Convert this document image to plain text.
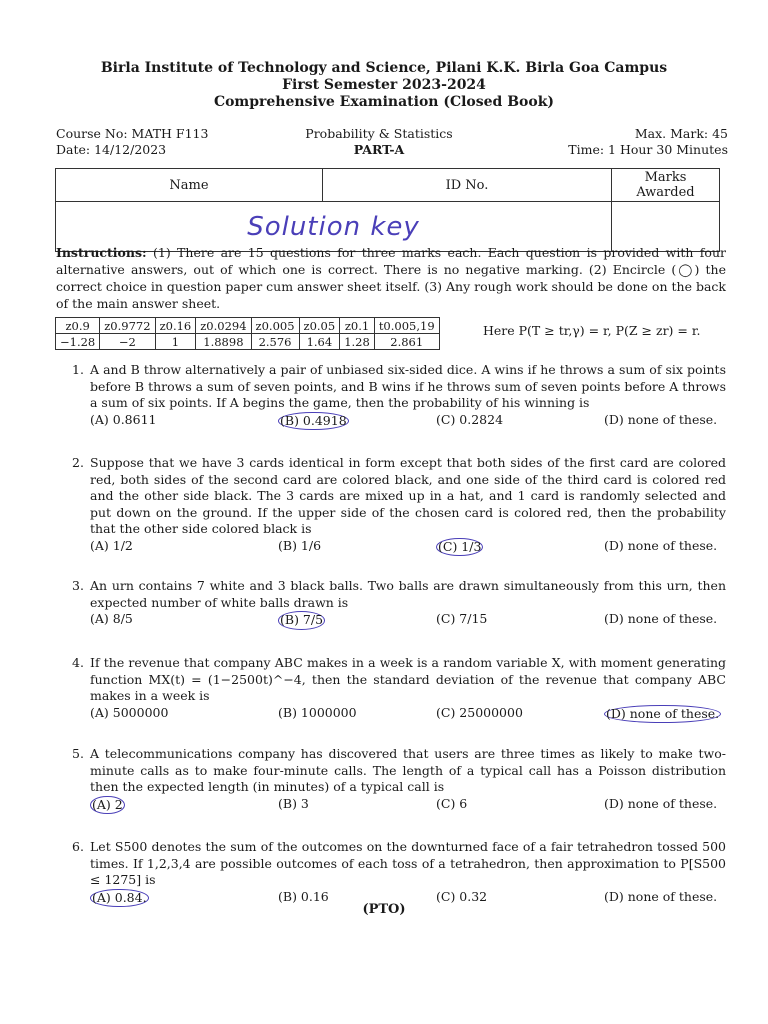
Birla Institute of Technology and Science, Pilani K.K. Birla Goa Campus
First Semester 2023-2024
Comprehensive Examination (Closed Book)
Course No: MATH F113
Date: 14/12/2023
Probability & Statistics
PART-A
Max. Mark: 45
Time: 1 Hour 30 Minutes
Name	ID No.	Marks Awarded
Solution key		
Instructions: (1) There are 15 questions for three marks each. Each question is provided with four alternative answers, out of which one is correct. There is no negative marking. (2) Encircle (◯) the correct choice in question paper cum answer sheet itself. (3) Any rough work should be done on the back of the main answer sheet.
z0.9	z0.9772	z0.16	z0.0294	z0.005	z0.05	z0.1	t0.005,19
−1.28	−2	1	1.8898	2.576	1.64	1.28	2.861
Here P(T ≥ tr,γ) = r, P(Z ≥ zr) = r.
1. A and B throw alternatively a pair of unbiased six-sided dice. A wins if he throws a sum of six points before B throws a sum of seven points, and B wins if he throws sum of seven points before A throws a sum of six points. If A begins the game, then the probability of his winning is
(A) 0.8611	(B) 0.4918	(C) 0.2824	(D) none of these.
2. Suppose that we have 3 cards identical in form except that both sides of the first card are colored red, both sides of the second card are colored black, and one side of the third card is colored red and the other side black. The 3 cards are mixed up in a hat, and 1 card is randomly selected and put down on the ground. If the upper side of the chosen card is colored red, then the probability that the other side colored black is
(A) 1/2	(B) 1/6	(C) 1/3	(D) none of these.
3. An urn contains 7 white and 3 black balls. Two balls are drawn simultaneously from this urn, then expected number of white balls drawn is
(A) 8/5	(B) 7/5	(C) 7/15	(D) none of these.
4. If the revenue that company ABC makes in a week is a random variable X, with moment generating function MX(t) = (1−2500t)^−4, then the standard deviation of the revenue that company ABC makes in a week is
(A) 5000000	(B) 1000000	(C) 25000000	(D) none of these.
5. A telecommunications company has discovered that users are three times as likely to make two-minute calls as to make four-minute calls. The length of a typical call has a Poisson distribution then the expected length (in minutes) of a typical call is
(A) 2	(B) 3	(C) 6	(D) none of these.
6. Let S500 denotes the sum of the outcomes on the downturned face of a fair tetrahedron tossed 500 times. If 1,2,3,4 are possible outcomes of each toss of a tetrahedron, then approximation to P[S500 ≤ 1275] is
(A) 0.84.	(B) 0.16	(C) 0.32	(D) none of these.
(PTO)
